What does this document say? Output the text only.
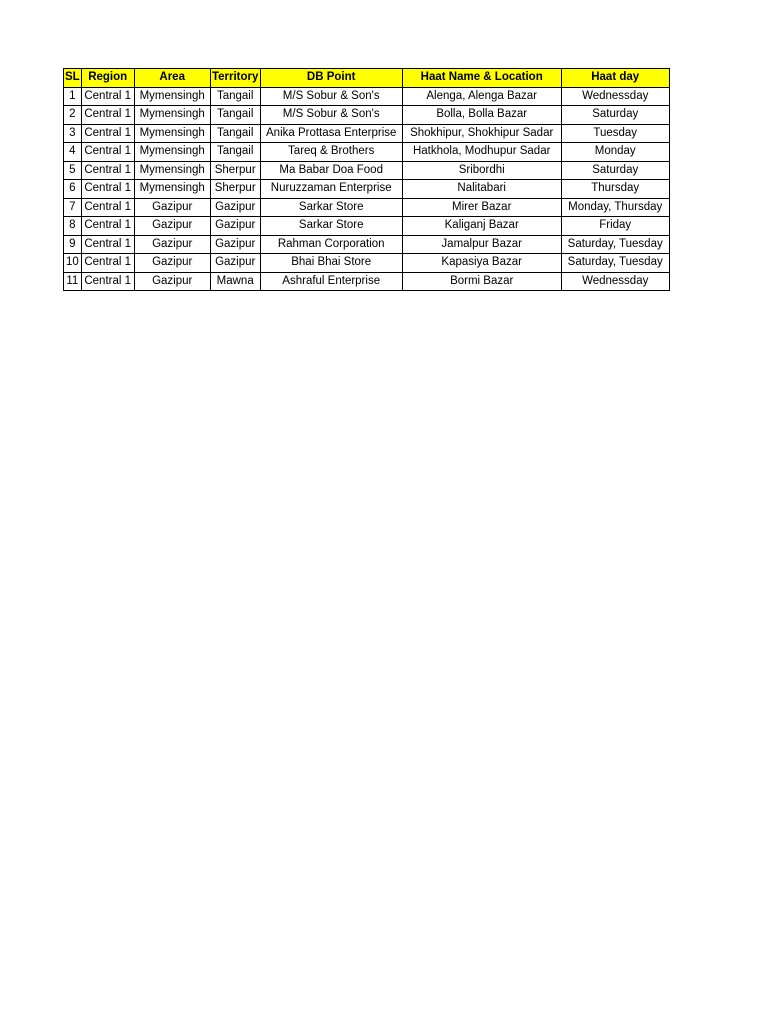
SL	Region	Area	Territory	DB Point	Haat Name & Location	Haat day
1	Central 1	Mymensingh	Tangail	M/S Sobur & Son's	Alenga, Alenga Bazar	Wednessday
2	Central 1	Mymensingh	Tangail	M/S Sobur & Son's	Bolla, Bolla Bazar	Saturday
3	Central 1	Mymensingh	Tangail	Anika Prottasa Enterprise	Shokhipur, Shokhipur Sadar	Tuesday
4	Central 1	Mymensingh	Tangail	Tareq & Brothers	Hatkhola, Modhupur Sadar	Monday
5	Central 1	Mymensingh	Sherpur	Ma Babar Doa Food	Sribordhi	Saturday
6	Central 1	Mymensingh	Sherpur	Nuruzzaman Enterprise	Nalitabari	Thursday
7	Central 1	Gazipur	Gazipur	Sarkar Store	Mirer Bazar	Monday, Thursday
8	Central 1	Gazipur	Gazipur	Sarkar Store	Kaliganj Bazar	Friday
9	Central 1	Gazipur	Gazipur	Rahman Corporation	Jamalpur Bazar	Saturday, Tuesday
10	Central 1	Gazipur	Gazipur	Bhai Bhai Store	Kapasiya Bazar	Saturday, Tuesday
11	Central 1	Gazipur	Mawna	Ashraful Enterprise	Bormi Bazar	Wednessday
